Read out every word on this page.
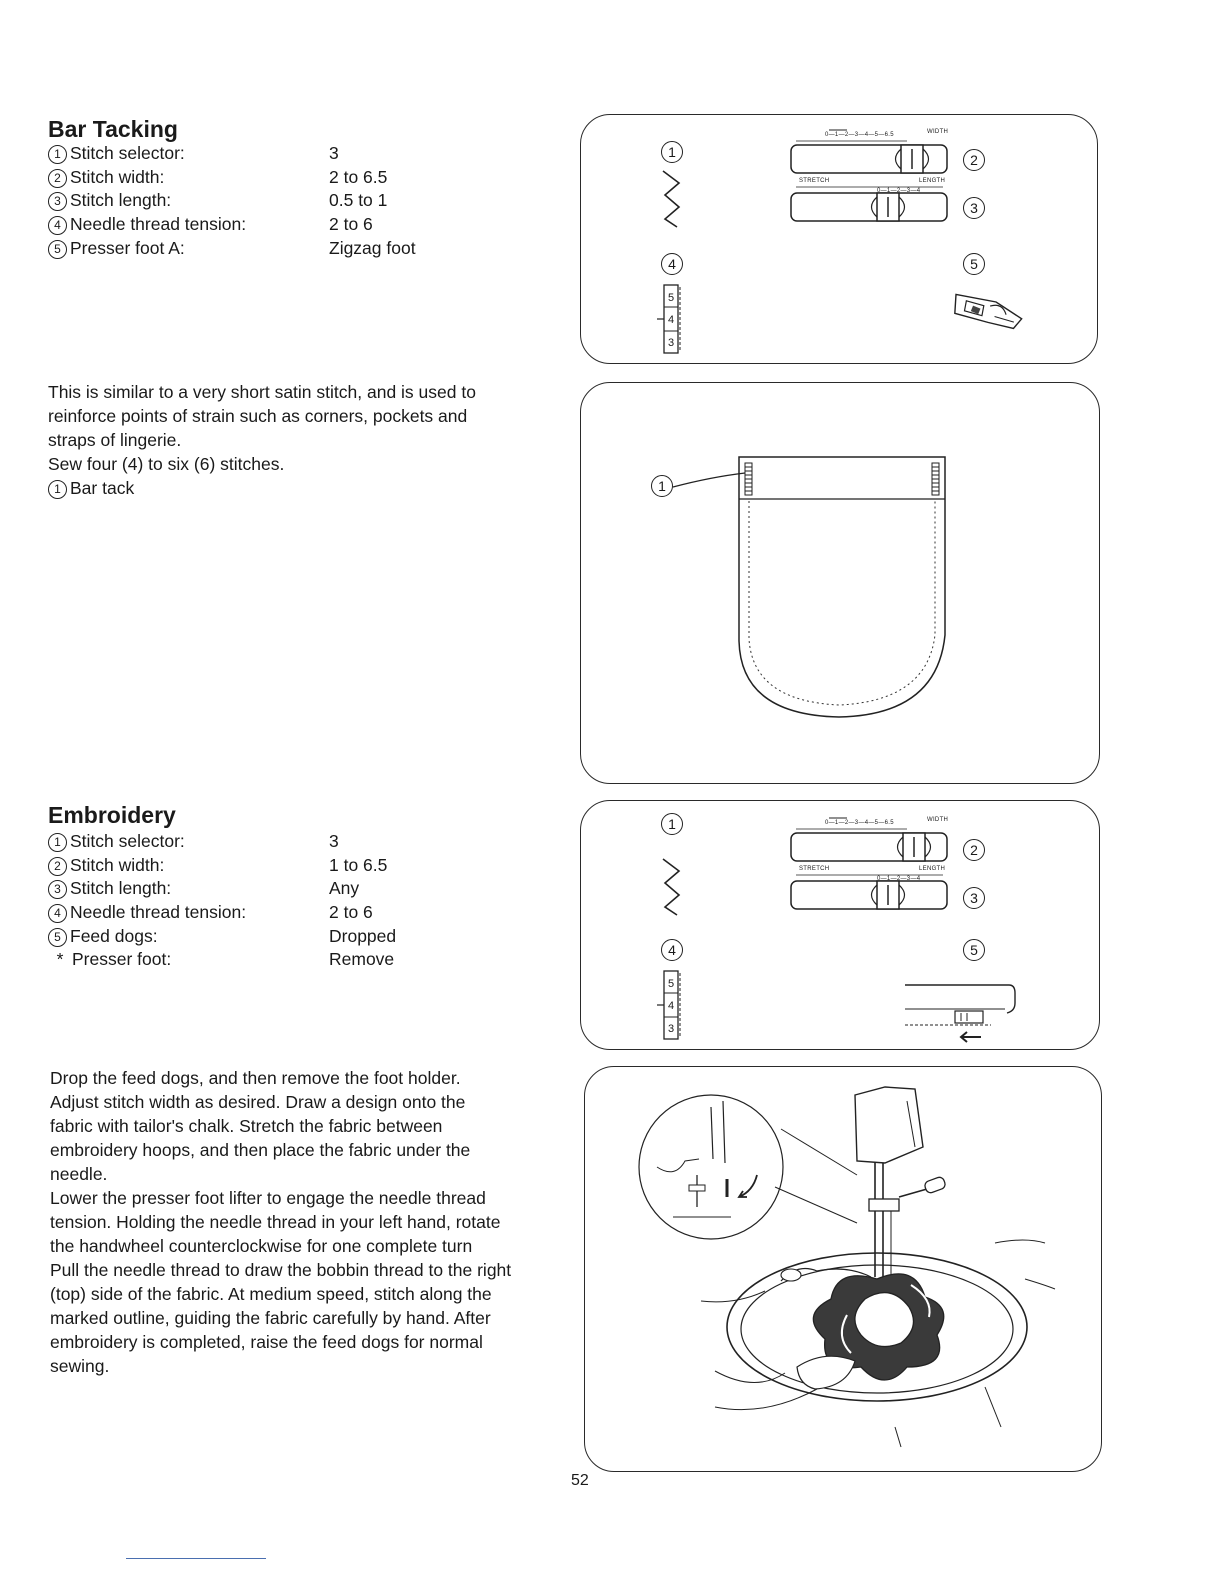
Bar Tacking
1 Stitch selector:	3
2 Stitch width:	2 to 6.5
3 Stitch length:	0.5 to 1
4 Needle thread tension:	2 to 6
5 Presser foot A:	Zigzag foot

This is similar to a very short satin stitch, and is used to

reinforce points of strain such as corners, pockets and

straps of lingerie.

Sew four (4) to six (6) stitches.

1 Bar tack

Embroidery
1 Stitch selector:	3
2 Stitch width:	1 to 6.5
3 Stitch length:	Any
4 Needle thread tension:	2 to 6
5 Feed dogs:	Dropped
* Presser foot:	Remove

Drop the feed dogs, and then remove the foot holder.

Adjust stitch width as desired. Draw a design onto the

fabric with tailor's chalk. Stretch the fabric between

embroidery hoops, and then place the fabric under the

needle.

Lower the presser foot lifter to engage the needle thread

tension. Holding the needle thread in your left hand, rotate

the handwheel counterclockwise for one complete turn

Pull the needle thread to draw the bobbin thread to the right

(top) side of the fabric. At medium speed, stitch along the

marked outline, guiding the fabric carefully by hand. After

embroidery is completed, raise the feed dogs for normal

sewing.

1	2
3
4	5
0—1—2—3—4—5—6.5	WIDTH
STRETCH	LENGTH
0—1—2—3—4
5
4
3
1
1
2
3
4	5
0—1—2—3—4—5—6.5	WIDTH
STRETCH	LENGTH
0—1—2—3—4
5
4
3
52
